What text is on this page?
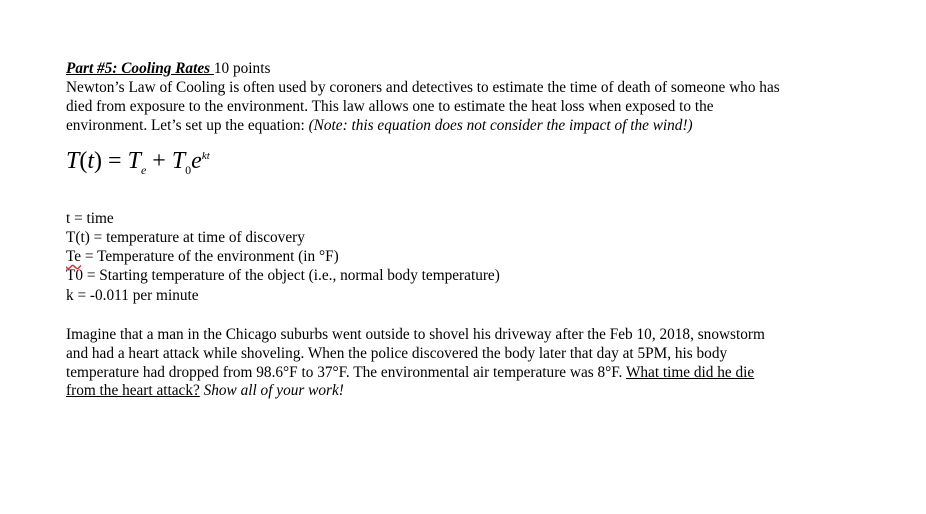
Part #5: Cooling Rates 10 points
Newton’s Law of Cooling is often used by coroners and detectives to estimate the time of death of someone who has
died from exposure to the environment. This law allows one to estimate the heat loss when exposed to the
environment. Let’s set up the equation: (Note: this equation does not consider the impact of the wind!)
$T(t) = T_e + T_0e^{kt}$
t = time
T(t) = temperature at time of discovery
Te = Temperature of the environment (in °F)
T0 = Starting temperature of the object (i.e., normal body temperature)
k = -0.011 per minute
Imagine that a man in the Chicago suburbs went outside to shovel his driveway after the Feb 10, 2018, snowstorm
and had a heart attack while shoveling. When the police discovered the body later that day at 5PM, his body
temperature had dropped from 98.6°F to 37°F. The environmental air temperature was 8°F. What time did he die
from the heart attack? Show all of your work!
